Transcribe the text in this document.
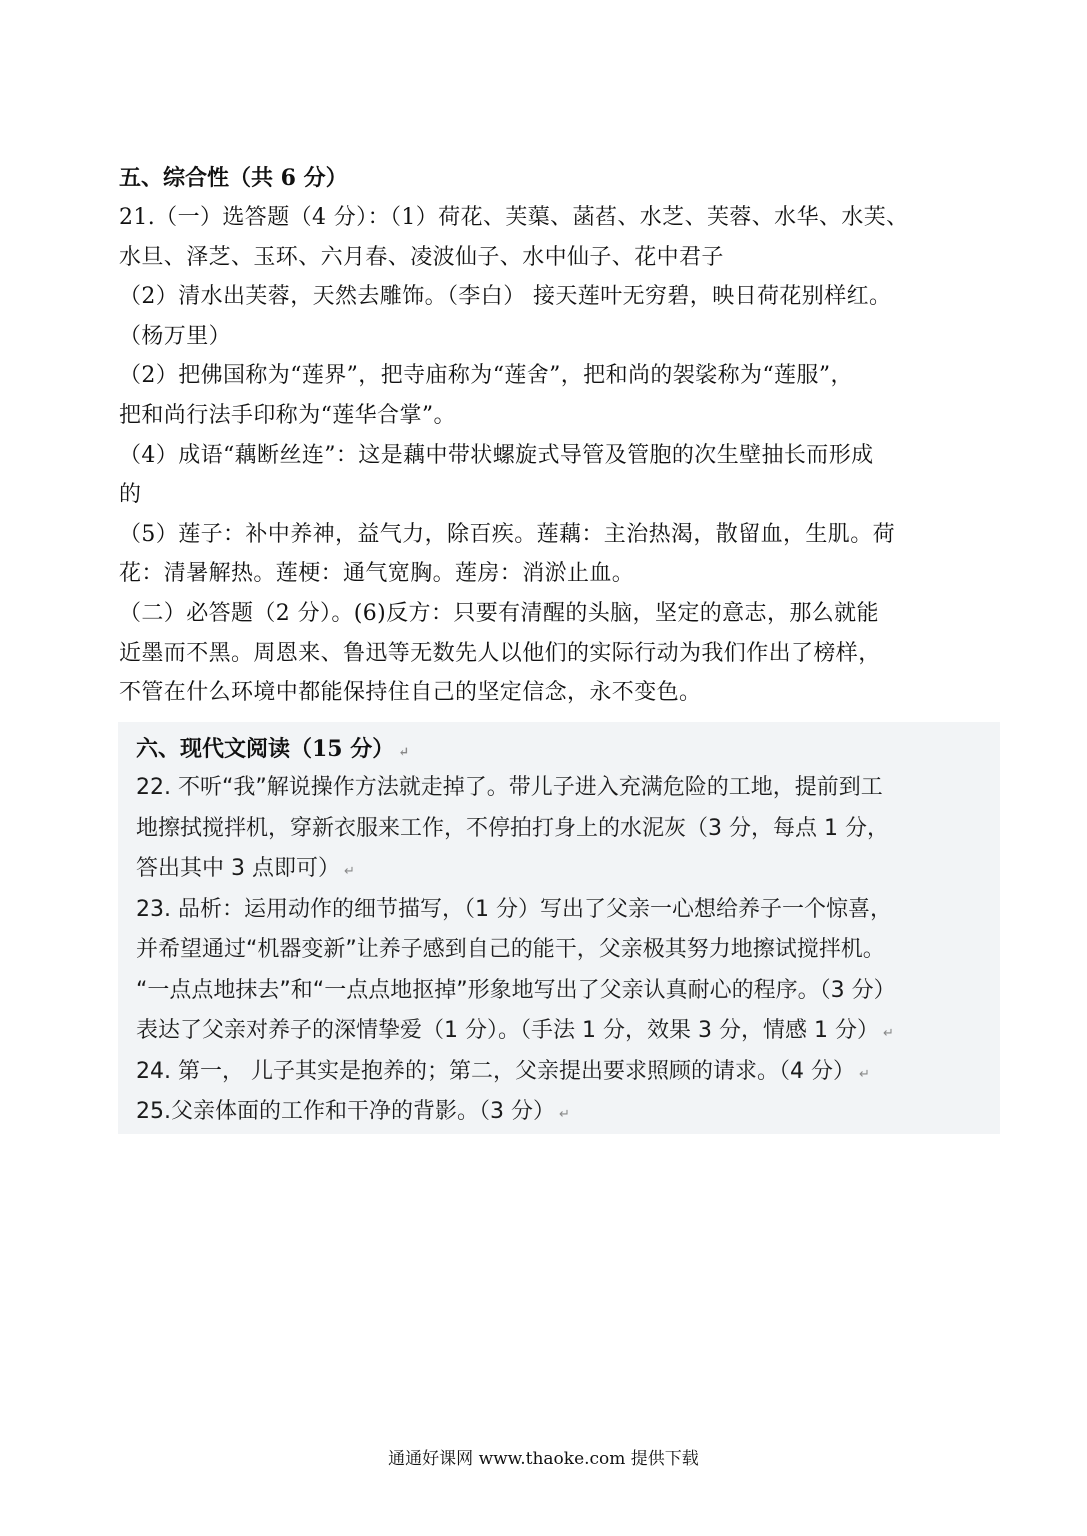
五、综合性（共 6 分）
21.（一）选答题（4 分）：（1）荷花、芙蕖、菡萏、水芝、芙蓉、水华、水芙、
水旦、泽芝、玉环、六月春、凌波仙子、水中仙子、花中君子
（2）清水出芙蓉，天然去雕饰。（李白） 接天莲叶无穷碧，映日荷花别样红。
（杨万里）
（2）把佛国称为“莲界”，把寺庙称为“莲舍”，把和尚的袈裟称为“莲服”，
把和尚行法手印称为“莲华合掌”。
（4）成语“藕断丝连”：这是藕中带状螺旋式导管及管胞的次生壁抽长而形成
的
（5）莲子：补中养神，益气力，除百疾。莲藕：主治热渴，散留血，生肌。荷
花：清暑解热。莲梗：通气宽胸。莲房：消淤止血。
（二）必答题（2 分）。(6)反方：只要有清醒的头脑，坚定的意志，那么就能
近墨而不黑。周恩来、鲁迅等无数先人以他们的实际行动为我们作出了榜样，
不管在什么环境中都能保持住自己的坚定信念，永不变色。
六、现代文阅读（15 分） ↵
22. 不听“我”解说操作方法就走掉了。带儿子进入充满危险的工地，提前到工
地擦拭搅拌机，穿新衣服来工作，不停拍打身上的水泥灰（3 分，每点 1 分，
答出其中 3 点即可） ↵
23. 品析：运用动作的细节描写，（1 分）写出了父亲一心想给养子一个惊喜，
并希望通过“机器变新”让养子感到自己的能干，父亲极其努力地擦试搅拌机。
“一点点地抹去”和“一点点地抠掉”形象地写出了父亲认真耐心的程序。（3 分）
表达了父亲对养子的深情挚爱（1 分）。（手法 1 分，效果 3 分，情感 1 分） ↵
24. 第一， 儿子其实是抱养的；第二，父亲提出要求照顾的请求。（4 分） ↵
25.父亲体面的工作和干净的背影。（3 分） ↵
通通好课网 www.thaoke.com 提供下载
